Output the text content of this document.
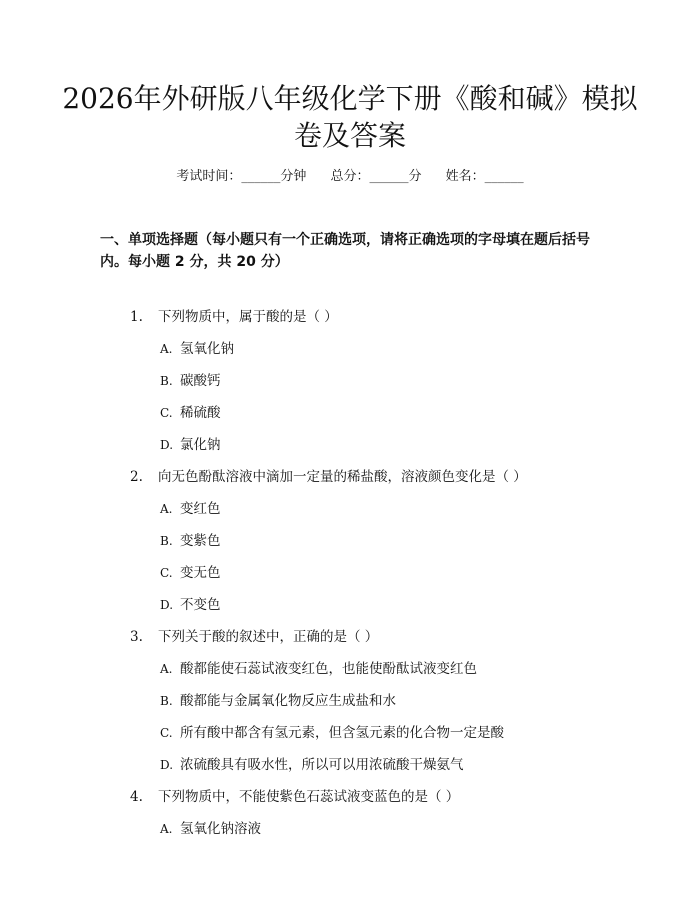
2026年外研版八年级化学下册《酸和碱》模拟卷及答案
考试时间：______分钟 总分：______分 姓名：______
一、单项选择题（每小题只有一个正确选项，请将正确选项的字母填在题后括号内。每小题 2 分，共 20 分）
1. 下列物质中，属于酸的是（ ）
A. 氢氧化钠
B. 碳酸钙
C. 稀硫酸
D. 氯化钠
2. 向无色酚酞溶液中滴加一定量的稀盐酸，溶液颜色变化是（ ）
A. 变红色
B. 变紫色
C. 变无色
D. 不变色
3. 下列关于酸的叙述中，正确的是（ ）
A. 酸都能使石蕊试液变红色，也能使酚酞试液变红色
B. 酸都能与金属氧化物反应生成盐和水
C. 所有酸中都含有氢元素，但含氢元素的化合物一定是酸
D. 浓硫酸具有吸水性，所以可以用浓硫酸干燥氨气
4. 下列物质中，不能使紫色石蕊试液变蓝色的是（ ）
A. 氢氧化钠溶液
